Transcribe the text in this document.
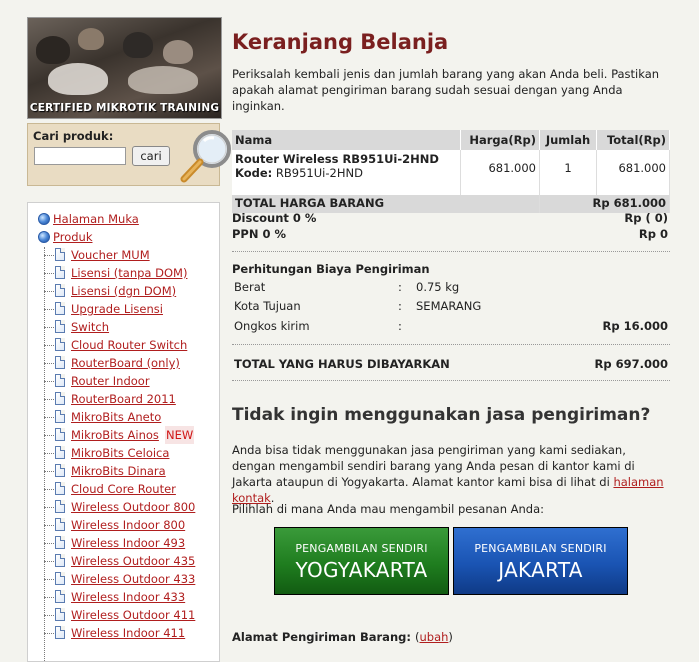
CERTIFIED MIKROTIK TRAINING
Cari produk:
cari
Halaman Muka
Produk
Voucher MUM
Lisensi (tanpa DOM)
Lisensi (dgn DOM)
Upgrade Lisensi
Switch
Cloud Router Switch
RouterBoard (only)
Router Indoor
RouterBoard 2011
MikroBits Aneto
MikroBits Ainos NEW
MikroBits Celoica
MikroBits Dinara
Cloud Core Router
Wireless Outdoor 800
Wireless Indoor 800
Wireless Indoor 493
Wireless Outdoor 435
Wireless Outdoor 433
Wireless Indoor 433
Wireless Outdoor 411
Wireless Indoor 411
Keranjang Belanja
Periksalah kembali jenis dan jumlah barang yang akan Anda beli. Pastikan apakah alamat pengiriman barang sudah sesuai dengan yang Anda inginkan.
Nama	Harga(Rp)	Jumlah	Total(Rp)

Router Wireless RB951Ui-2HND
Kode: RB951Ui-2HND	681.000	1	681.000
TOTAL HARGA BARANG		Rp 681.000	
Discount 0 %	Rp ( 0)
PPN 0 %	Rp 0
Perhitungan Biaya Pengiriman
Berat	: 0.75 kg
Kota Tujuan	: SEMARANG
Ongkos kirim	:	Rp 16.000
TOTAL YANG HARUS DIBAYARKAN	Rp 697.000
Tidak ingin menggunakan jasa pengiriman?
Anda bisa tidak menggunakan jasa pengiriman yang kami sediakan, dengan mengambil sendiri barang yang Anda pesan di kantor kami di Jakarta ataupun di Yogyakarta. Alamat kantor kami bisa di lihat di halaman kontak.
Pilihlah di mana Anda mau mengambil pesanan Anda:
PENGAMBILAN SENDIRI
YOGYAKARTA
PENGAMBILAN SENDIRI
JAKARTA
Alamat Pengiriman Barang: (ubah)
